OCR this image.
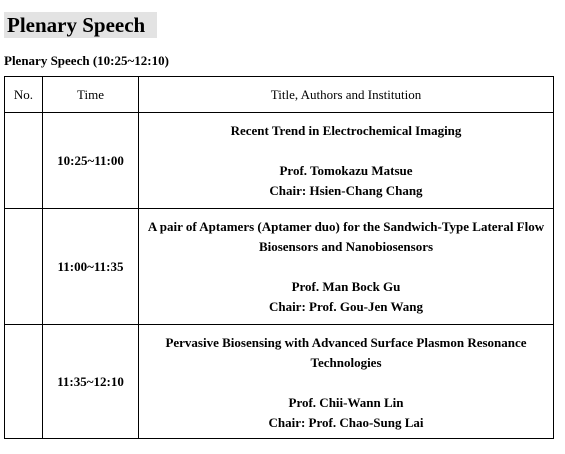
Plenary Speech
Plenary Speech (10:25~12:10)
No.	Time	Title, Authors and Institution
	10:25~11:00	Recent Trend in Electrochemical Imaging
Prof. Tomokazu Matsue
Chair: Hsien-Chang Chang

	11:00~11:35	A pair of Aptamers (Aptamer duo) for the Sandwich-Type Lateral Flow Biosensors and Nanobiosensors
Prof. Man Bock Gu
Chair: Prof. Gou-Jen Wang

	11:35~12:10	Pervasive Biosensing with Advanced Surface Plasmon Resonance Technologies
Prof. Chii-Wann Lin
Chair: Prof. Chao-Sung Lai
